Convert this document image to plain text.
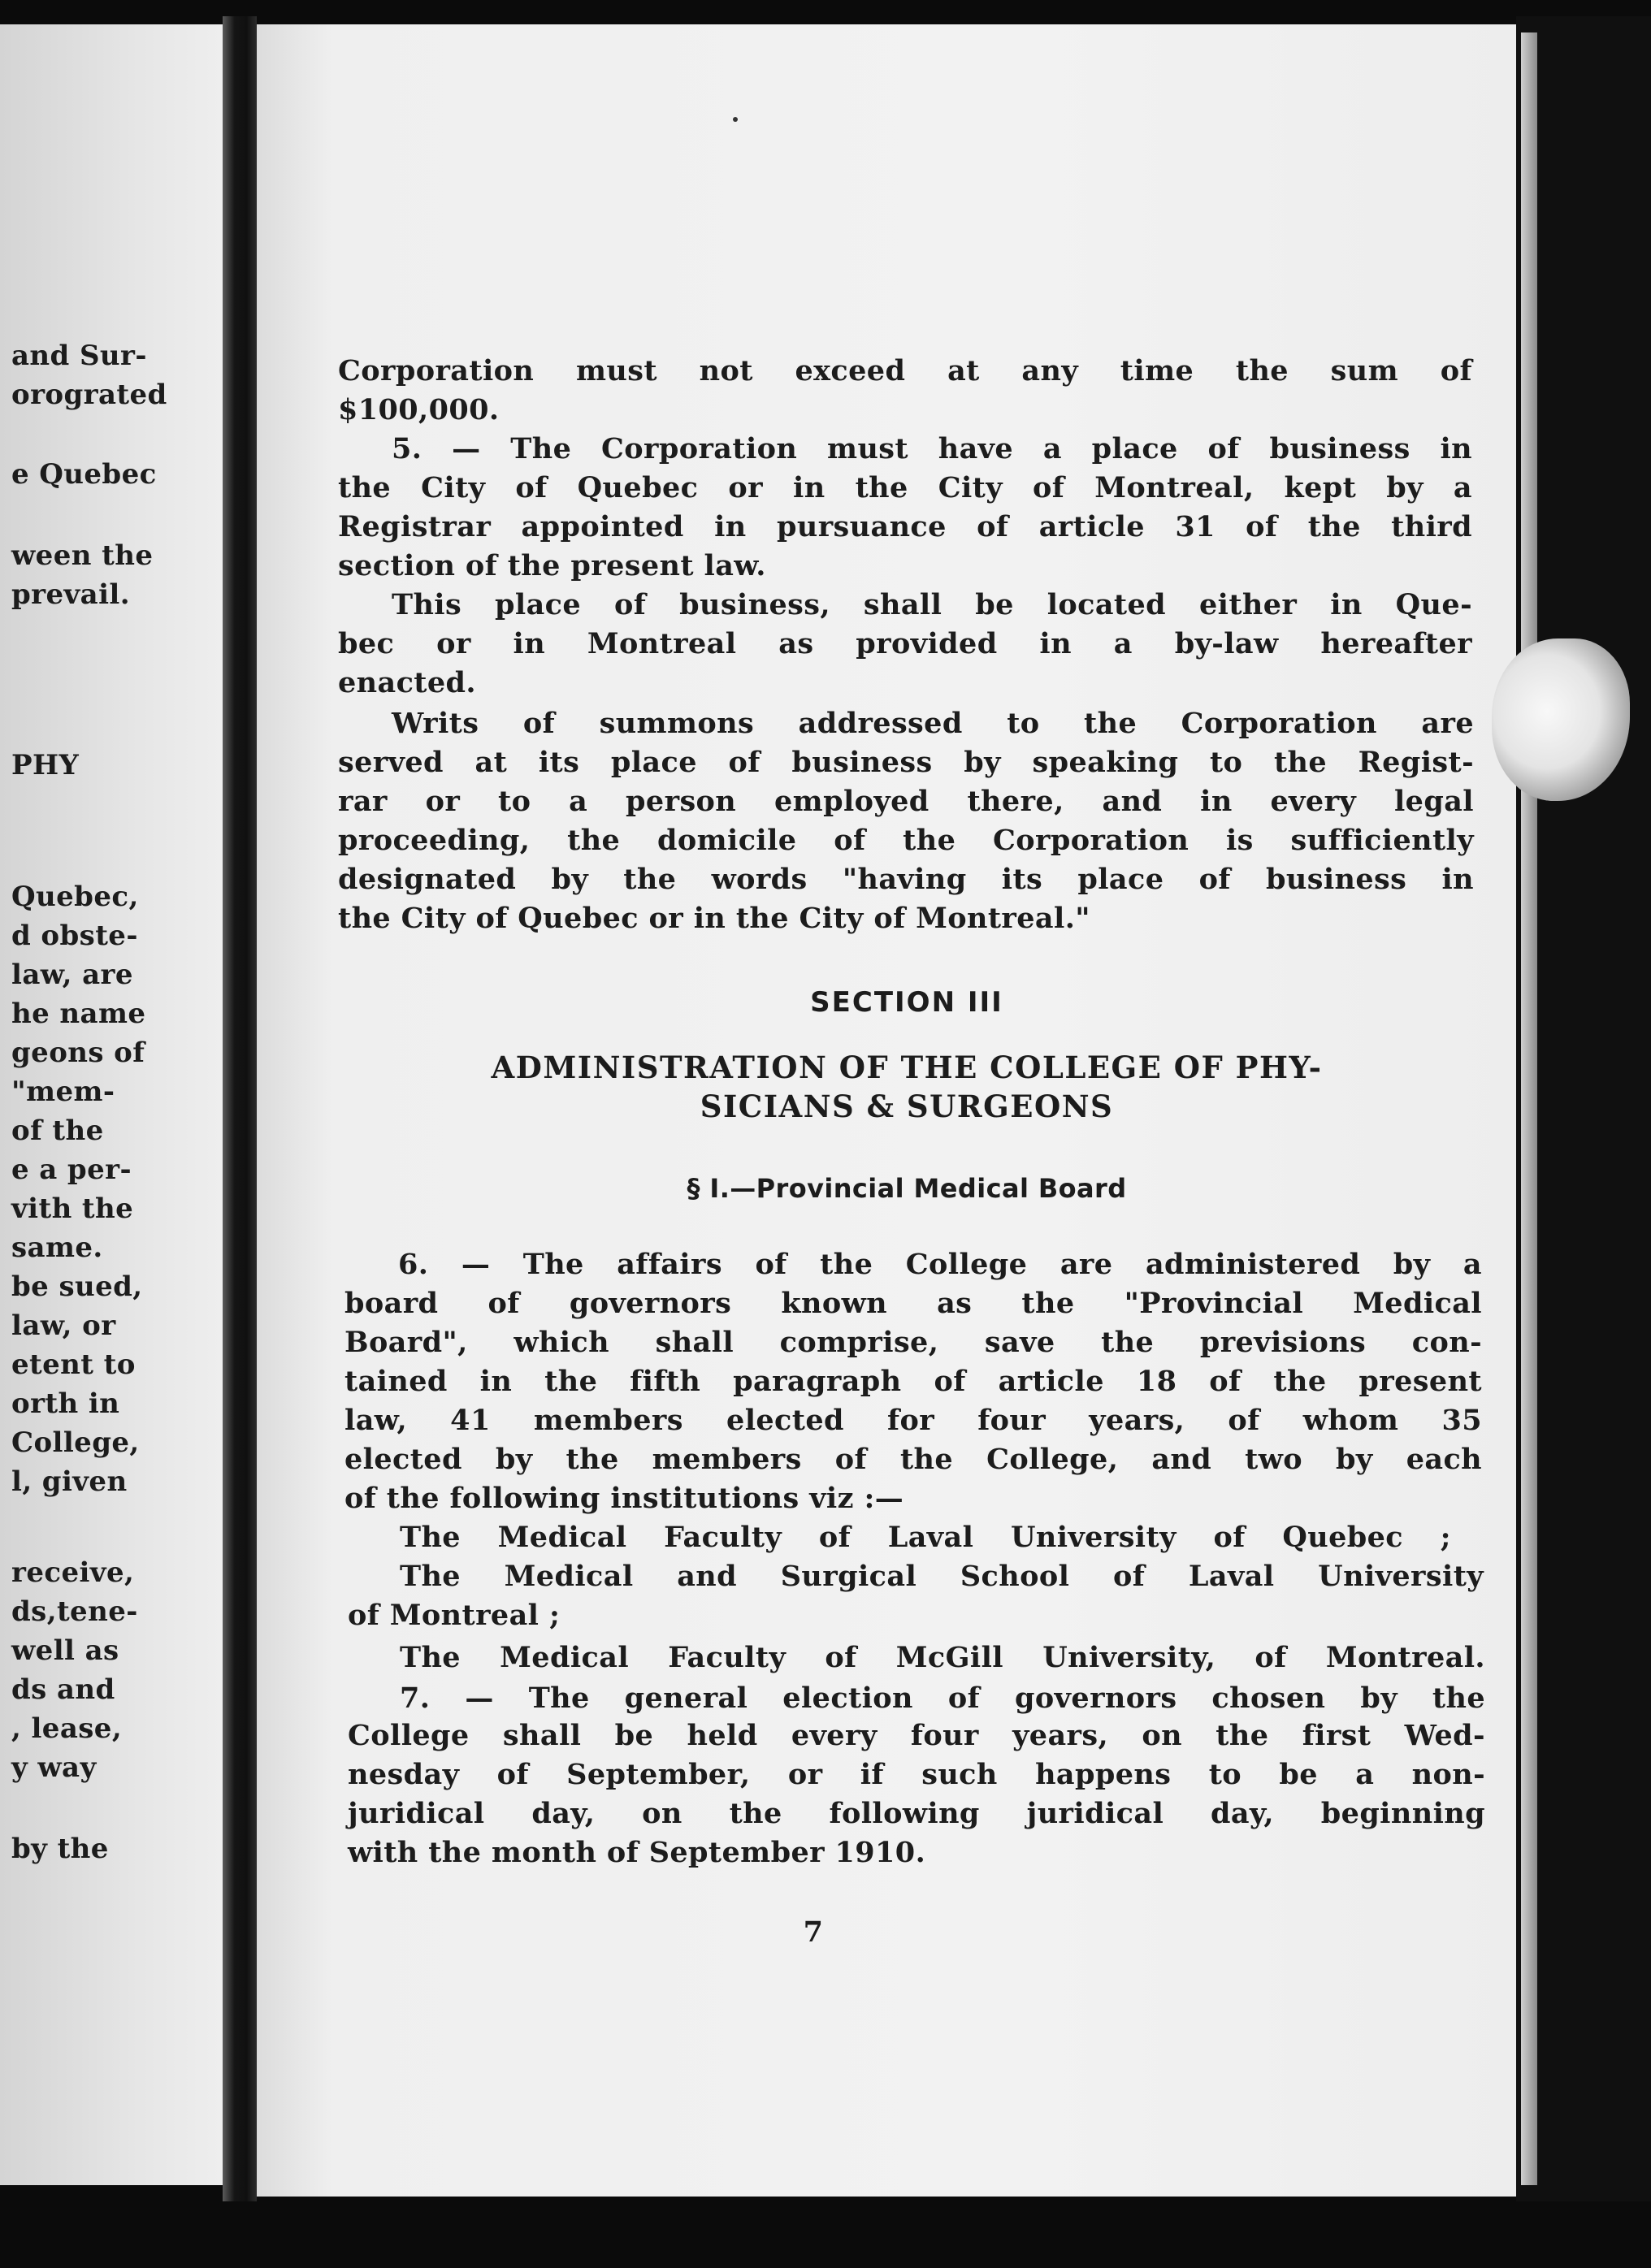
and Sur-

orograted

e Quebec

ween the

prevail.

PHY

Quebec,

d obste-

law, are

he name

geons of

"mem-

of the

e a per-

vith the

same.

be sued,

law, or

etent to

orth in

College,

l, given

receive,

ds,tene-

well as

ds and

, lease,

y way

by the

Corporation must not exceed at any time the sum of

$100,000.

5. — The Corporation must have a place of business in

the City of Quebec or in the City of Montreal, kept by a

Registrar appointed in pursuance of article 31 of the third

section of the present law.

This place of business, shall be located either in Que-

bec or in Montreal as provided in a by-law hereafter

enacted.

Writs of summons addressed to the Corporation are

served at its place of business by speaking to the Regist-

rar or to a person employed there, and in every legal

proceeding, the domicile of the Corporation is sufficiently

designated by the words "having its place of business in

the City of Quebec or in the City of Montreal."

SECTION III

ADMINISTRATION OF THE COLLEGE OF PHY-

SICIANS & SURGEONS

§ I.—Provincial Medical Board

6. — The affairs of the College are administered by a

board of governors known as the "Provincial Medical

Board", which shall comprise, save the previsions con-

tained in the fifth paragraph of article 18 of the present

law, 41 members elected for four years, of whom 35

elected by the members of the College, and two by each

of the following institutions viz :—

The Medical Faculty of Laval University of Quebec ;

The Medical and Surgical School of Laval University

of Montreal ;

The Medical Faculty of McGill University, of Montreal.

7. — The general election of governors chosen by the

College shall be held every four years, on the first Wed-

nesday of September, or if such happens to be a non-

juridical day, on the following juridical day, beginning

with the month of September 1910.

7
